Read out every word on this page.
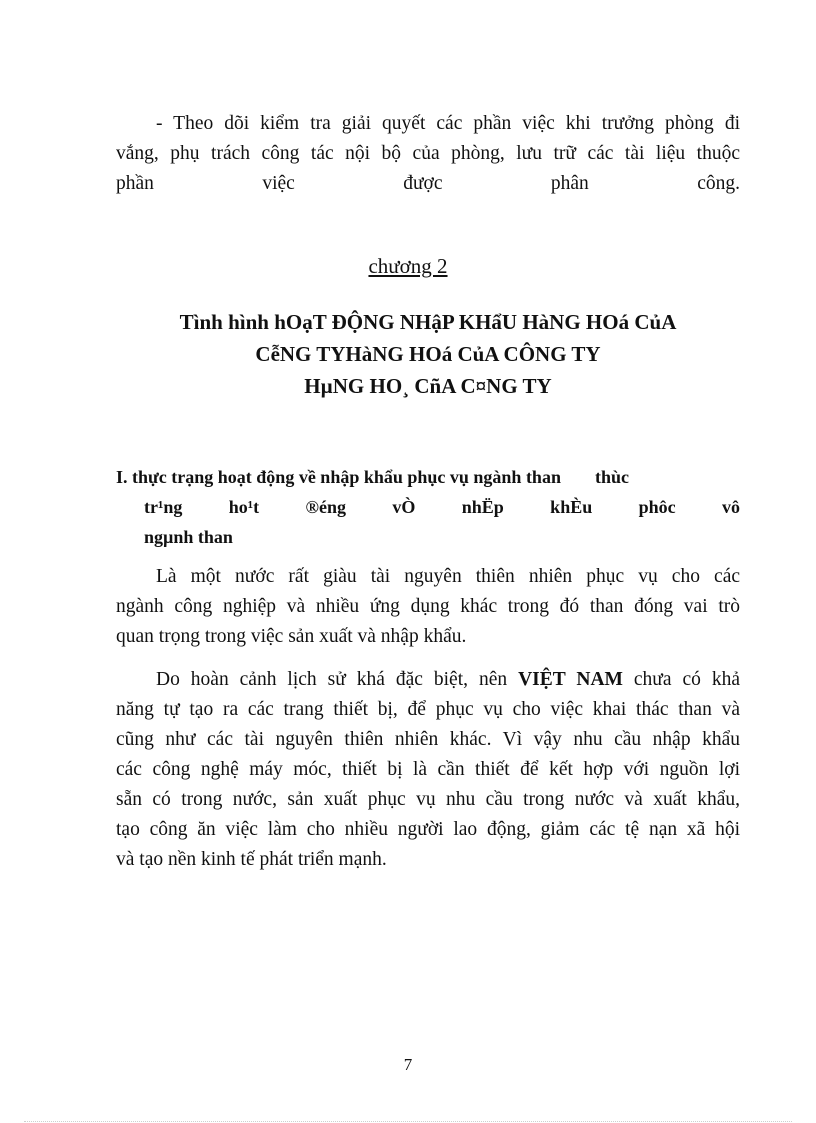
- Theo dõi kiểm tra giải quyết các phần việc khi trưởng phòng đi
vắng, phụ trách công tác nội bộ của phòng, lưu trữ các tài liệu thuộc
phần việc được phân công.

chương 2

Tình hình hOạT ĐỘNG NHậP KHẩU HàNG HOá CủA
CễNG TYHàNG HOá CủA CÔNG TY
HµNG HO¸ CñA C¤NG TY
I. thực trạng hoạt động về nhập khẩu phục vụ ngành than thùc
tr¹ng ho¹t ®éng vÒ nhËp khÈu phôc vô
ngµnh than

Là một nước rất giàu tài nguyên thiên nhiên phục vụ cho các
ngành công nghiệp và nhiều ứng dụng khác trong đó than đóng vai trò
quan trọng trong việc sản xuất và nhập khẩu.

Do hoàn cảnh lịch sử khá đặc biệt, nên VIỆT NAM chưa có khả
năng tự tạo ra các trang thiết bị, để phục vụ cho việc khai thác than và
cũng như các tài nguyên thiên nhiên khác. Vì vậy nhu cầu nhập khẩu
các công nghệ máy móc, thiết bị là cần thiết để kết hợp với nguồn lợi
sẵn có trong nước, sản xuất phục vụ nhu cầu trong nước và xuất khẩu,
tạo công ăn việc làm cho nhiều người lao động, giảm các tệ nạn xã hội
và tạo nền kinh tế phát triển mạnh.

7
